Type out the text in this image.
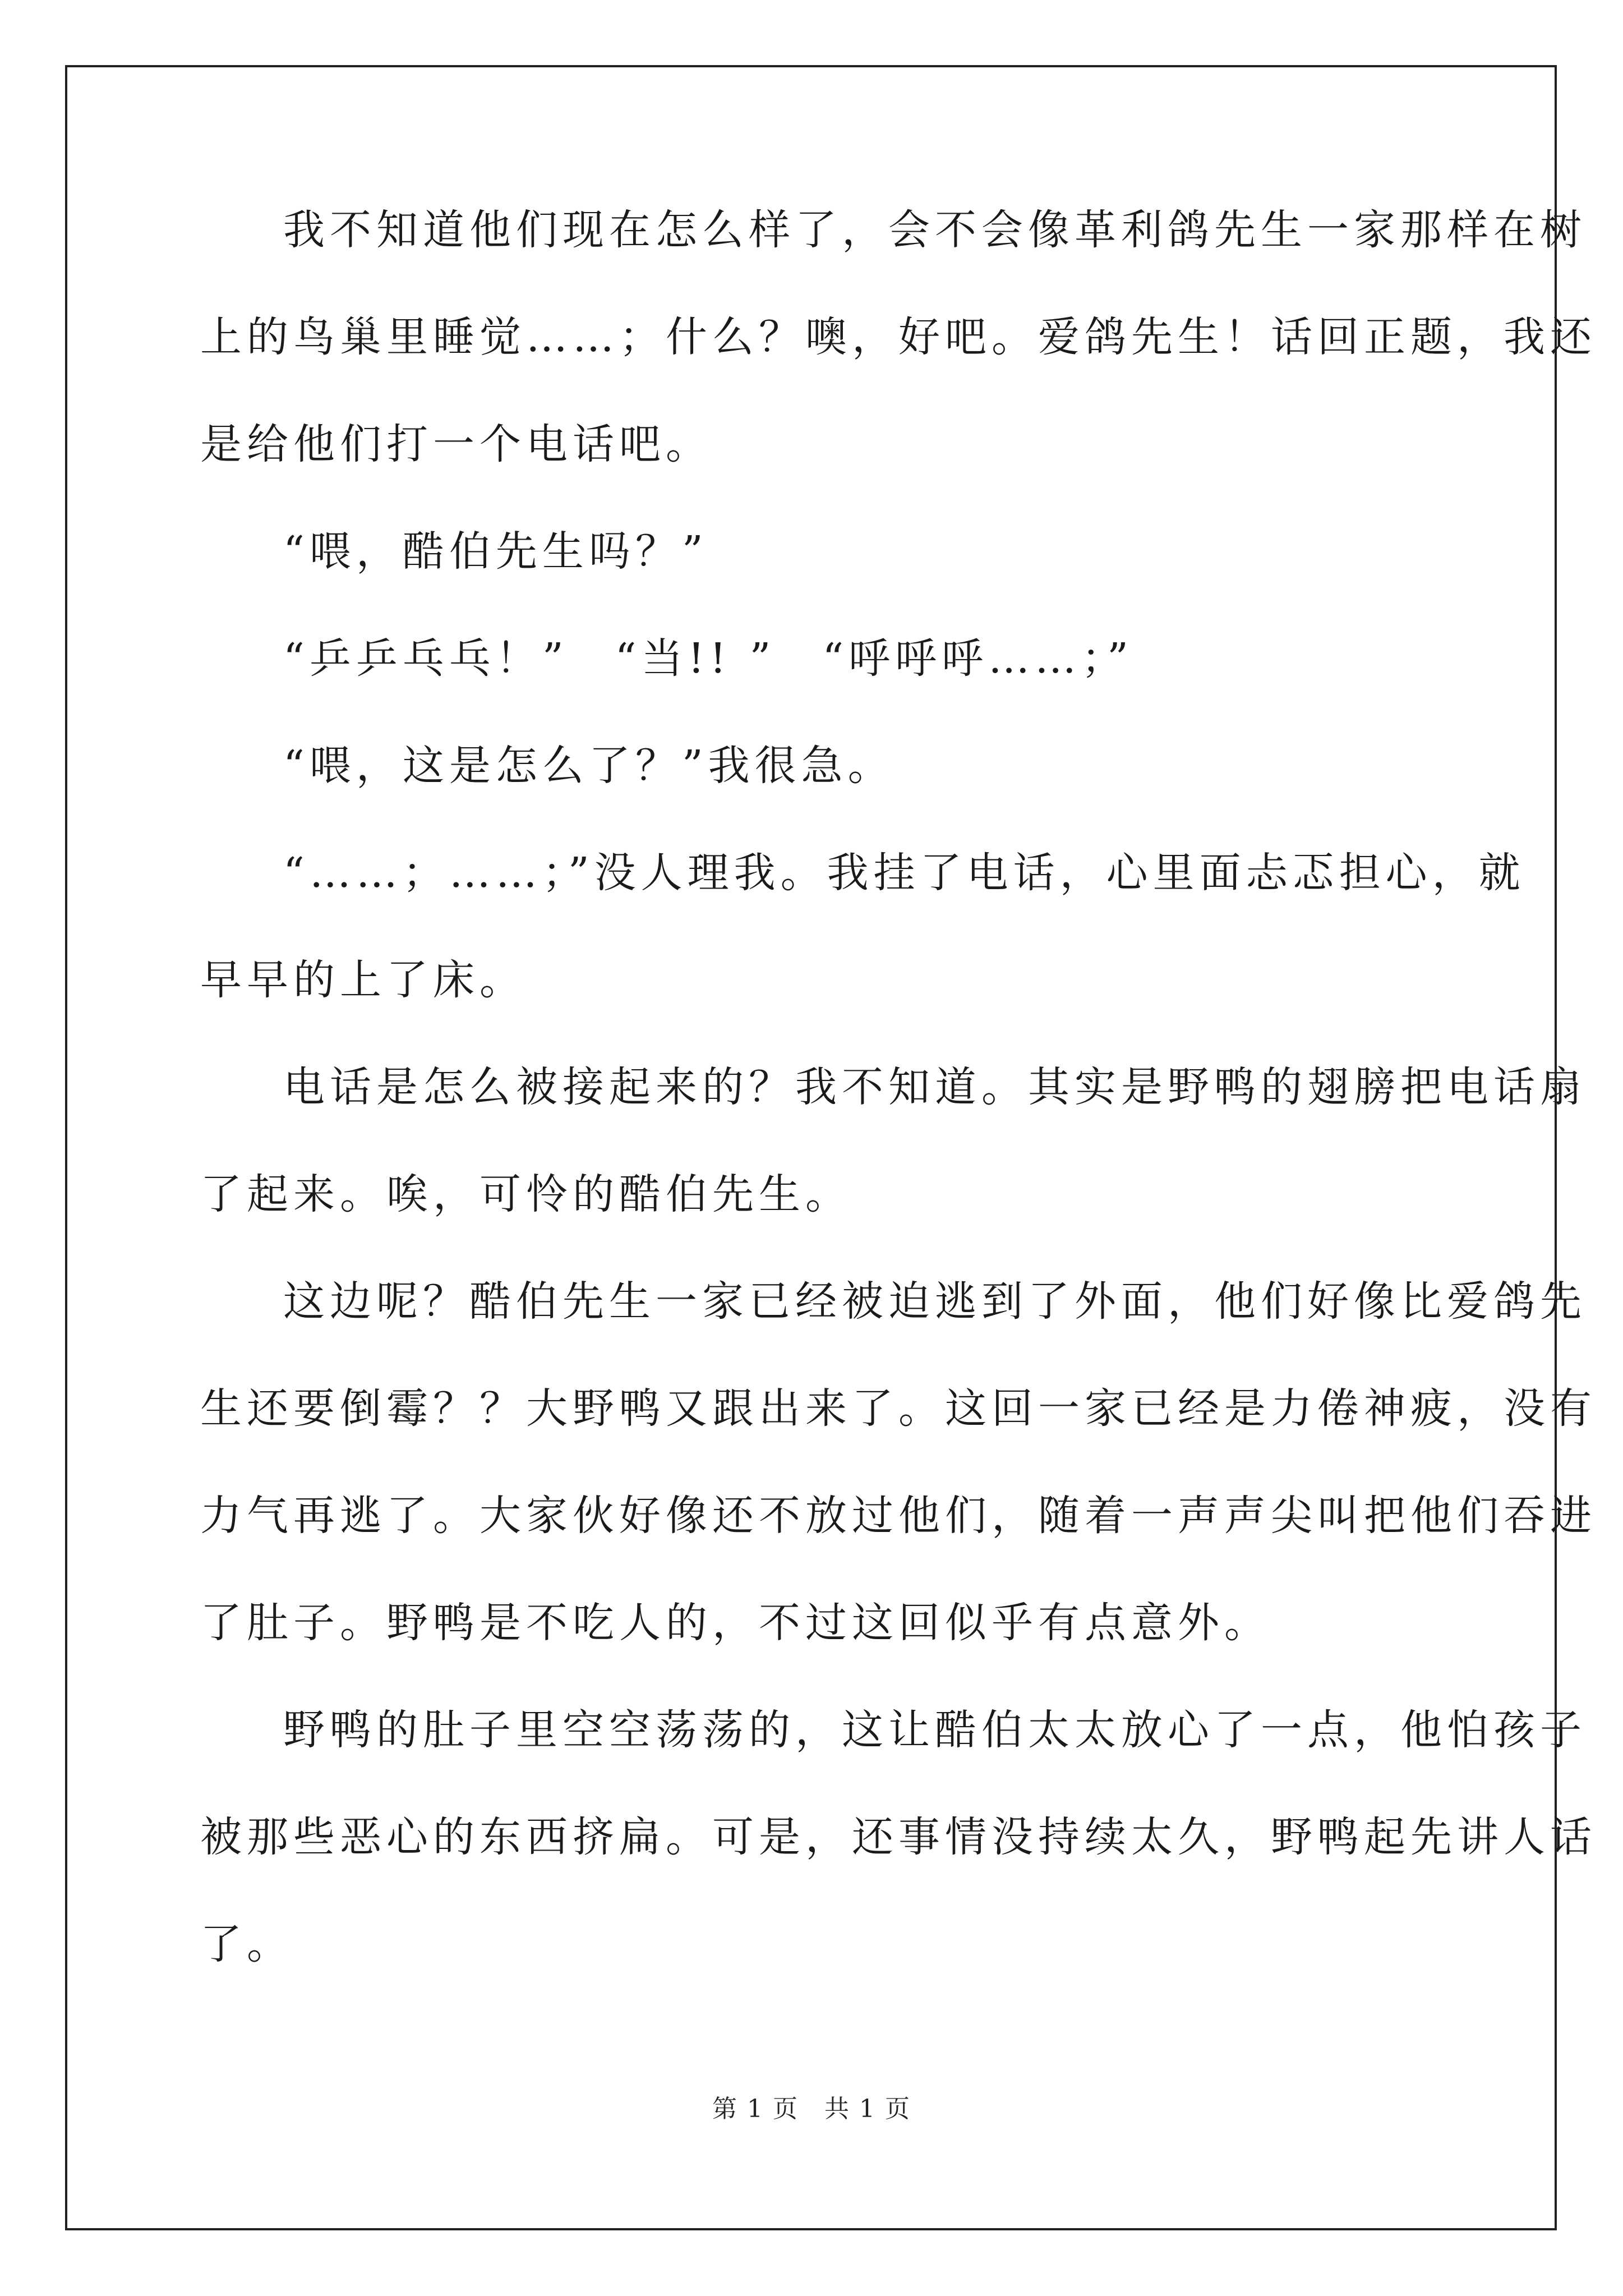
我不知道他们现在怎么样了，会不会像革利鸽先生一家那样在树
上的鸟巢里睡觉……；什么？噢，好吧。爱鸽先生！话回正题，我还
是给他们打一个电话吧。
“喂，酷伯先生吗？”
“乒乒乓乓！”　“当!! ”　“呼呼呼……；”
“喂，这是怎么了？”我很急。
“……；……；”没人理我。我挂了电话，心里面忐忑担心，就
早早的上了床。
电话是怎么被接起来的？我不知道。其实是野鸭的翅膀把电话扇
了起来。唉，可怜的酷伯先生。
这边呢？酷伯先生一家已经被迫逃到了外面，他们好像比爱鸽先
生还要倒霉？？大野鸭又跟出来了。这回一家已经是力倦神疲，没有
力气再逃了。大家伙好像还不放过他们，随着一声声尖叫把他们吞进
了肚子。野鸭是不吃人的，不过这回似乎有点意外。
野鸭的肚子里空空荡荡的，这让酷伯太太放心了一点，他怕孩子
被那些恶心的东西挤扁。可是，还事情没持续太久，野鸭起先讲人话
了。
第 1 页　共 1 页
